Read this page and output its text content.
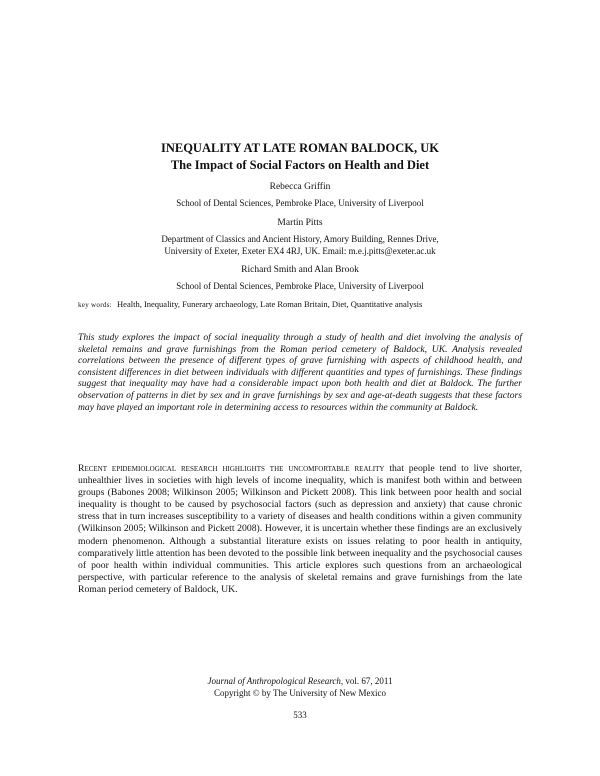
INEQUALITY AT LATE ROMAN BALDOCK, UK
The Impact of Social Factors on Health and Diet
Rebecca Griffin
School of Dental Sciences, Pembroke Place, University of Liverpool
Martin Pitts
Department of Classics and Ancient History, Amory Building, Rennes Drive,
University of Exeter, Exeter EX4 4RJ, UK. Email: m.e.j.pitts@exeter.ac.uk
Richard Smith and Alan Brook
School of Dental Sciences, Pembroke Place, University of Liverpool
key words: Health, Inequality, Funerary archaeology, Late Roman Britain, Diet, Quantitative analysis
This study explores the impact of social inequality through a study of health and diet involving the analysis of skeletal remains and grave furnishings from the Roman period cemetery of Baldock, UK. Analysis revealed correlations between the presence of different types of grave furnishing with aspects of childhood health, and consistent differences in diet between individuals with different quantities and types of furnishings. These findings suggest that inequality may have had a considerable impact upon both health and diet at Baldock. The further observation of patterns in diet by sex and in grave furnishings by sex and age-at-death suggests that these factors may have played an important role in determining access to resources within the community at Baldock.
Recent epidemiological research highlights the uncomfortable reality that people tend to live shorter, unhealthier lives in societies with high levels of income inequality, which is manifest both within and between groups (Babones 2008; Wilkinson 2005; Wilkinson and Pickett 2008). This link between poor health and social inequality is thought to be caused by psychosocial factors (such as depression and anxiety) that cause chronic stress that in turn increases susceptibility to a variety of diseases and health conditions within a given community (Wilkinson 2005; Wilkinson and Pickett 2008). However, it is uncertain whether these findings are an exclusively modern phenomenon. Although a substantial literature exists on issues relating to poor health in antiquity, comparatively little attention has been devoted to the possible link between inequality and the psychosocial causes of poor health within individual communities. This article explores such questions from an archaeological perspective, with particular reference to the analysis of skeletal remains and grave furnishings from the late Roman period cemetery of Baldock, UK.
Journal of Anthropological Research, vol. 67, 2011
Copyright © by The University of New Mexico
533
